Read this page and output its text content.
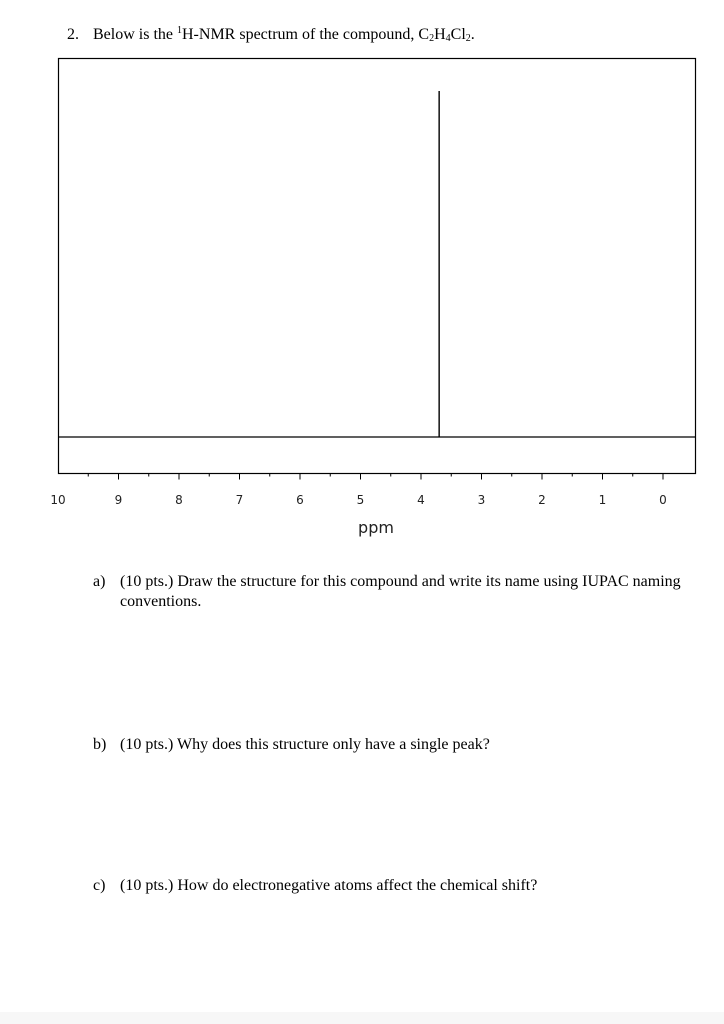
2. Below is the $^1$H-NMR spectrum of the compound, $C_2H_4Cl_2$.
10	9	8	7	6	5	4	3	2	1	0
ppm
a) (10 pts.) Draw the structure for this compound and write its name using IUPAC naming conventions.
b) (10 pts.) Why does this structure only have a single peak?
c) (10 pts.) How do electronegative atoms affect the chemical shift?
